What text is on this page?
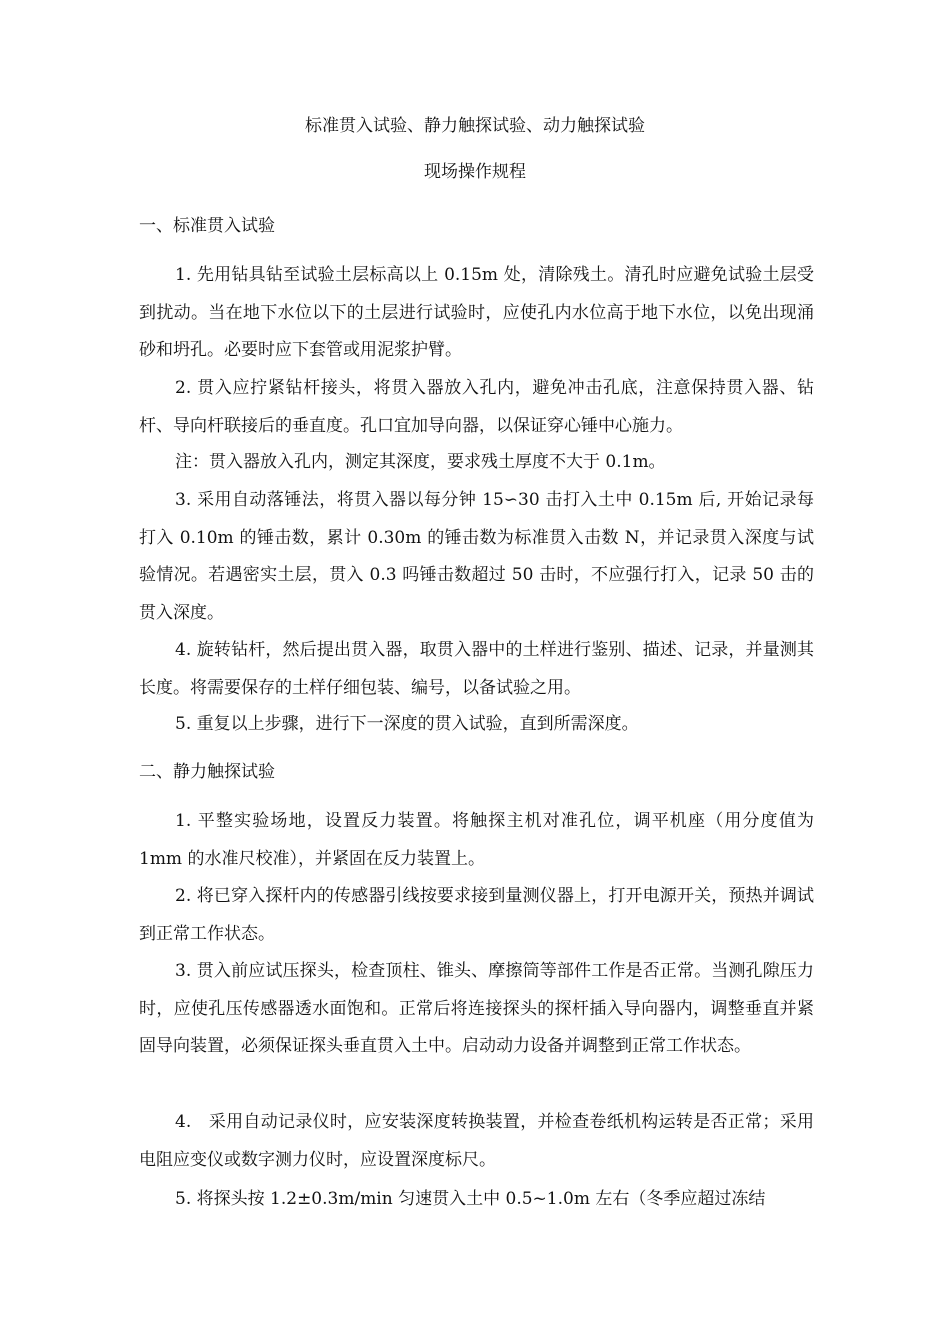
标准贯入试验、静力触探试验、动力触探试验
现场操作规程
一、标准贯入试验

1. 先用钻具钻至试验土层标高以上 0.15m 处，清除残土。清孔时应避免试验土层受到扰动。当在地下水位以下的土层进行试验时，应使孔内水位高于地下水位，以免出现涌砂和坍孔。必要时应下套管或用泥浆护臂。

2. 贯入应拧紧钻杆接头，将贯入器放入孔内，避免冲击孔底，注意保持贯入器、钻杆、导向杆联接后的垂直度。孔口宜加导向器，以保证穿心锤中心施力。

注：贯入器放入孔内，测定其深度，要求残土厚度不大于 0.1m。

3. 采用自动落锤法，将贯入器以每分钟 15∽30 击打入土中 0.15m 后, 开始记录每打入 0.10m 的锤击数，累计 0.30m 的锤击数为标准贯入击数 N，并记录贯入深度与试验情况。若遇密实土层，贯入 0.3 吗锤击数超过 50 击时，不应强行打入，记录 50 击的贯入深度。

4. 旋转钻杆，然后提出贯入器，取贯入器中的土样进行鉴别、描述、记录，并量测其长度。将需要保存的土样仔细包装、编号，以备试验之用。

5. 重复以上步骤，进行下一深度的贯入试验，直到所需深度。

二、静力触探试验

1. 平整实验场地，设置反力装置。将触探主机对准孔位，调平机座（用分度值为 1mm 的水准尺校准），并紧固在反力装置上。

2. 将已穿入探杆内的传感器引线按要求接到量测仪器上，打开电源开关，预热并调试到正常工作状态。

3. 贯入前应试压探头，检查顶柱、锥头、摩擦筒等部件工作是否正常。当测孔隙压力时，应使孔压传感器透水面饱和。正常后将连接探头的探杆插入导向器内，调整垂直并紧固导向装置，必须保证探头垂直贯入土中。启动动力设备并调整到正常工作状态。

4.　采用自动记录仪时，应安装深度转换装置，并检查卷纸机构运转是否正常；采用电阻应变仪或数字测力仪时，应设置深度标尺。

5. 将探头按 1.2±0.3m/min 匀速贯入土中 0.5~1.0m 左右（冬季应超过冻结
